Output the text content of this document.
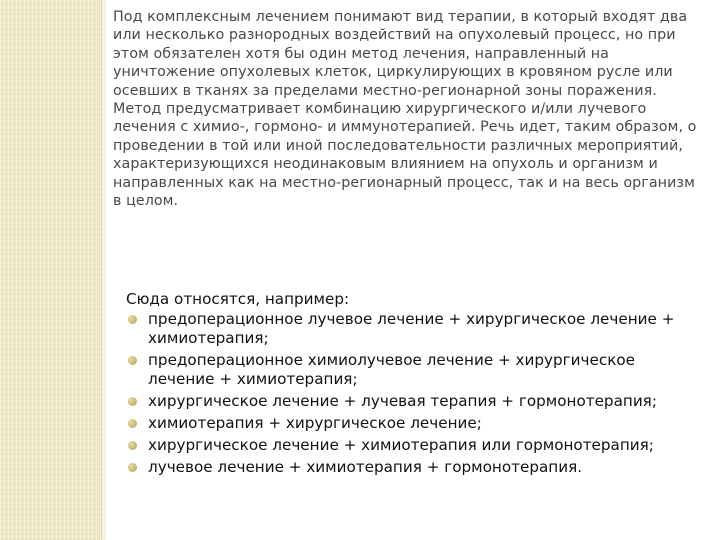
Под комплексным лечением понимают вид терапии, в который входят два или несколько разнородных воздействий на опухолевый процесс, но при этом обязателен хотя бы один метод лечения, направленный на уничтожение опухолевых клеток, циркулирующих в кровяном русле или осевших в тканях за пределами местно-регионарной зоны поражения. Метод предусматривает комбинацию хирургического и/или лучевого лечения с химио-, гормоно- и иммунотерапией. Речь идет, таким образом, о проведении в той или иной последовательности различных мероприятий, характеризующихся неодинаковым влиянием на опухоль и организм и направленных как на местно-регионарный процесс, так и на весь организм в целом.

Сюда относятся, например:

предоперационное лучевое лечение + хирургическое лечение + химиотерапия;
предоперационное химиолучевое лечение + хирургическое лечение + химиотерапия;
хирургическое лечение + лучевая терапия + гормонотерапия;
химиотерапия + хирургическое лечение;
хирургическое лечение + химиотерапия или гормонотерапия;
лучевое лечение + химиотерапия + гормонотерапия.
